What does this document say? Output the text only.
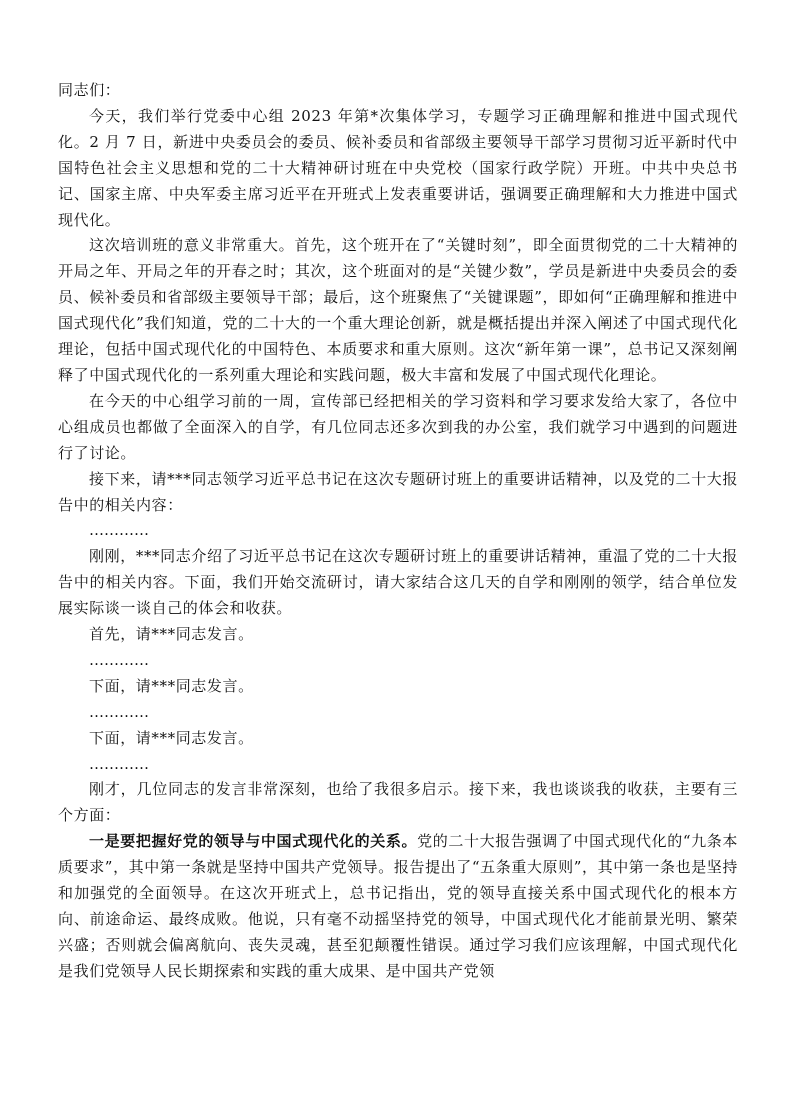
同志们：

今天，我们举行党委中心组 2023 年第*次集体学习，专题学习正确理解和推进中国式现代化。2 月 7 日，新进中央委员会的委员、候补委员和省部级主要领导干部学习贯彻习近平新时代中国特色社会主义思想和党的二十大精神研讨班在中央党校（国家行政学院）开班。中共中央总书记、国家主席、中央军委主席习近平在开班式上发表重要讲话，强调要正确理解和大力推进中国式现代化。

这次培训班的意义非常重大。首先，这个班开在了“关键时刻”，即全面贯彻党的二十大精神的开局之年、开局之年的开春之时；其次，这个班面对的是“关键少数”，学员是新进中央委员会的委员、候补委员和省部级主要领导干部；最后，这个班聚焦了“关键课题”，即如何“正确理解和推进中国式现代化”我们知道，党的二十大的一个重大理论创新，就是概括提出并深入阐述了中国式现代化理论，包括中国式现代化的中国特色、本质要求和重大原则。这次“新年第一课”，总书记又深刻阐释了中国式现代化的一系列重大理论和实践问题，极大丰富和发展了中国式现代化理论。

在今天的中心组学习前的一周，宣传部已经把相关的学习资料和学习要求发给大家了，各位中心组成员也都做了全面深入的自学，有几位同志还多次到我的办公室，我们就学习中遇到的问题进行了讨论。

接下来，请***同志领学习近平总书记在这次专题研讨班上的重要讲话精神，以及党的二十大报告中的相关内容：

…………

刚刚，***同志介绍了习近平总书记在这次专题研讨班上的重要讲话精神，重温了党的二十大报告中的相关内容。下面，我们开始交流研讨，请大家结合这几天的自学和刚刚的领学，结合单位发展实际谈一谈自己的体会和收获。

首先，请***同志发言。

…………

下面，请***同志发言。

…………

下面，请***同志发言。

…………

刚才，几位同志的发言非常深刻，也给了我很多启示。接下来，我也谈谈我的收获，主要有三个方面：

一是要把握好党的领导与中国式现代化的关系。党的二十大报告强调了中国式现代化的“九条本质要求”，其中第一条就是坚持中国共产党领导。报告提出了“五条重大原则”，其中第一条也是坚持和加强党的全面领导。在这次开班式上，总书记指出，党的领导直接关系中国式现代化的根本方向、前途命运、最终成败。他说，只有毫不动摇坚持党的领导，中国式现代化才能前景光明、繁荣兴盛；否则就会偏离航向、丧失灵魂，甚至犯颠覆性错误。通过学习我们应该理解，中国式现代化是我们党领导人民长期探索和实践的重大成果、是中国共产党领
